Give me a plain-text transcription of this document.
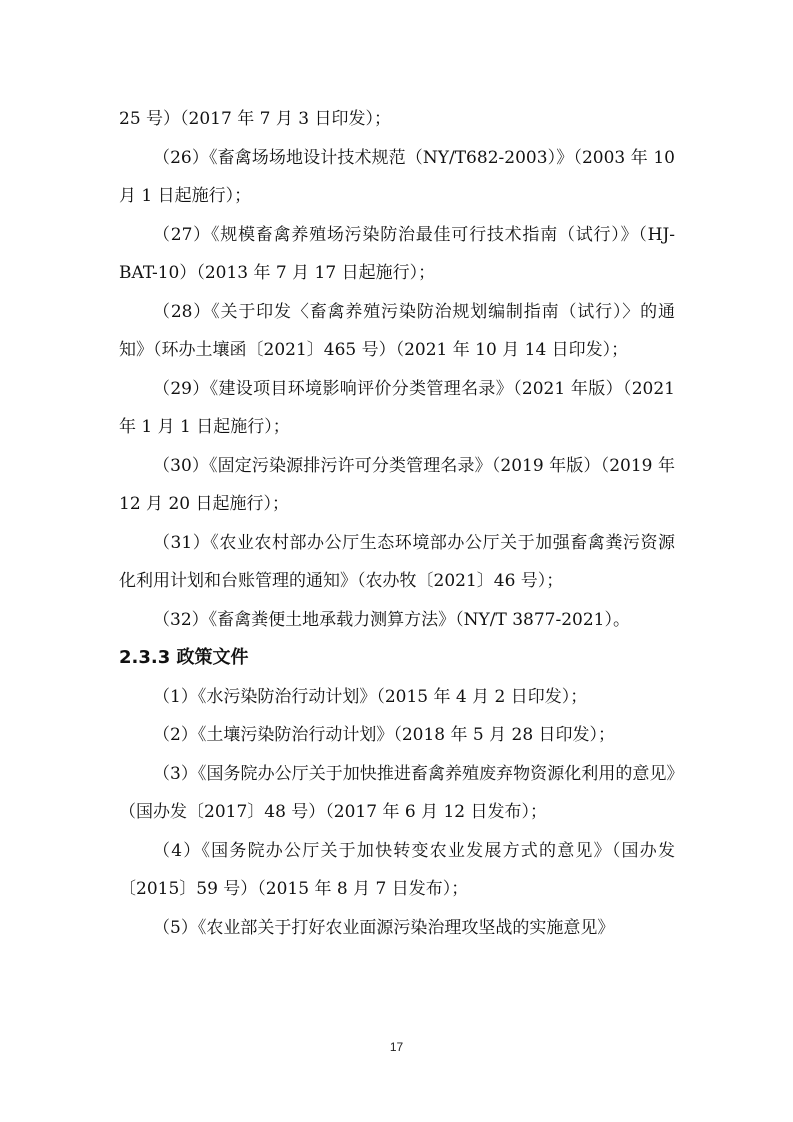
25 号）（2017 年 7 月 3 日印发）；

（26）《畜禽场场地设计技术规范（NY/T682-2003）》（2003 年 10 月 1 日起施行）；

（27）《规模畜禽养殖场污染防治最佳可行技术指南（试行）》（HJ-BAT-10）（2013 年 7 月 17 日起施行）；

（28）《关于印发〈畜禽养殖污染防治规划编制指南（试行）〉的通知》（环办土壤函〔2021〕465 号）（2021 年 10 月 14 日印发）；

（29）《建设项目环境影响评价分类管理名录》（2021 年版）（2021 年 1 月 1 日起施行）；

（30）《固定污染源排污许可分类管理名录》（2019 年版）（2019 年 12 月 20 日起施行）；

（31）《农业农村部办公厅生态环境部办公厅关于加强畜禽粪污资源化利用计划和台账管理的通知》（农办牧〔2021〕46 号）；

（32）《畜禽粪便土地承载力测算方法》（NY/T 3877-2021）。

2.3.3 政策文件

（1）《水污染防治行动计划》（2015 年 4 月 2 日印发）；

（2）《土壤污染防治行动计划》（2018 年 5 月 28 日印发）；

（3）《国务院办公厅关于加快推进畜禽养殖废弃物资源化利用的意见》（国办发〔2017〕48 号）（2017 年 6 月 12 日发布）；

（4）《国务院办公厅关于加快转变农业发展方式的意见》（国办发〔2015〕59 号）（2015 年 8 月 7 日发布）；

（5）《农业部关于打好农业面源污染治理攻坚战的实施意见》

17
